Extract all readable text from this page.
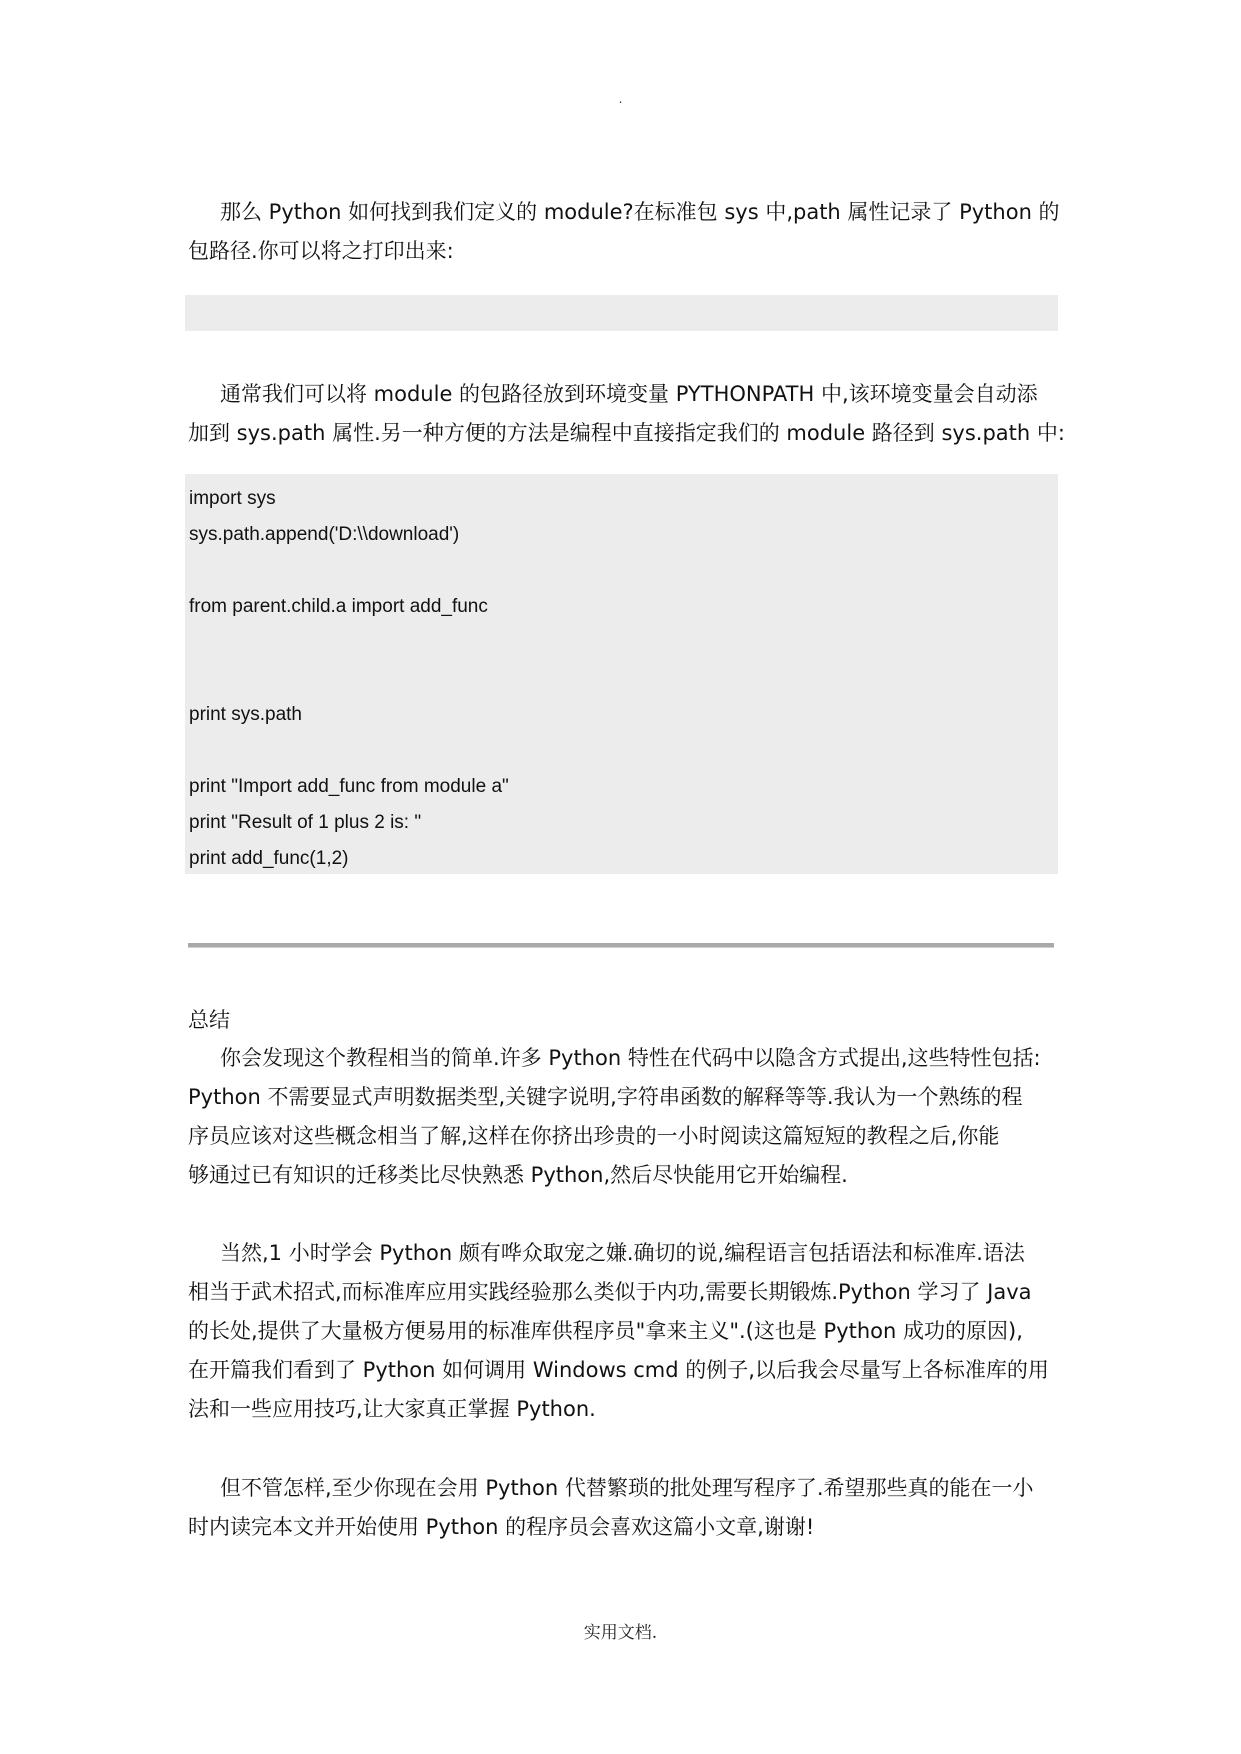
.

那么 Python 如何找到我们定义的 module?在标准包 sys 中,path 属性记录了 Python 的
包路径.你可以将之打印出来:

通常我们可以将 module 的包路径放到环境变量 PYTHONPATH 中,该环境变量会自动添
加到 sys.path 属性.另一种方便的方法是编程中直接指定我们的 module 路径到 sys.path 中:

import sys
sys.path.append('D:\\download')
from parent.child.a import add_func
print sys.path
print "Import add_func from module a"
print "Result of 1 plus 2 is: "
print add_func(1,2)
总结

你会发现这个教程相当的简单.许多 Python 特性在代码中以隐含方式提出,这些特性包括:
Python 不需要显式声明数据类型,关键字说明,字符串函数的解释等等.我认为一个熟练的程
序员应该对这些概念相当了解,这样在你挤出珍贵的一小时阅读这篇短短的教程之后,你能
够通过已有知识的迁移类比尽快熟悉 Python,然后尽快能用它开始编程.

当然,1 小时学会 Python 颇有哗众取宠之嫌.确切的说,编程语言包括语法和标准库.语法
相当于武术招式,而标准库应用实践经验那么类似于内功,需要长期锻炼.Python 学习了 Java
的长处,提供了大量极方便易用的标准库供程序员"拿来主义".(这也是 Python 成功的原因),
在开篇我们看到了 Python 如何调用 Windows cmd 的例子,以后我会尽量写上各标准库的用
法和一些应用技巧,让大家真正掌握 Python.

但不管怎样,至少你现在会用 Python 代替繁琐的批处理写程序了.希望那些真的能在一小
时内读完本文并开始使用 Python 的程序员会喜欢这篇小文章,谢谢!

实用文档.
